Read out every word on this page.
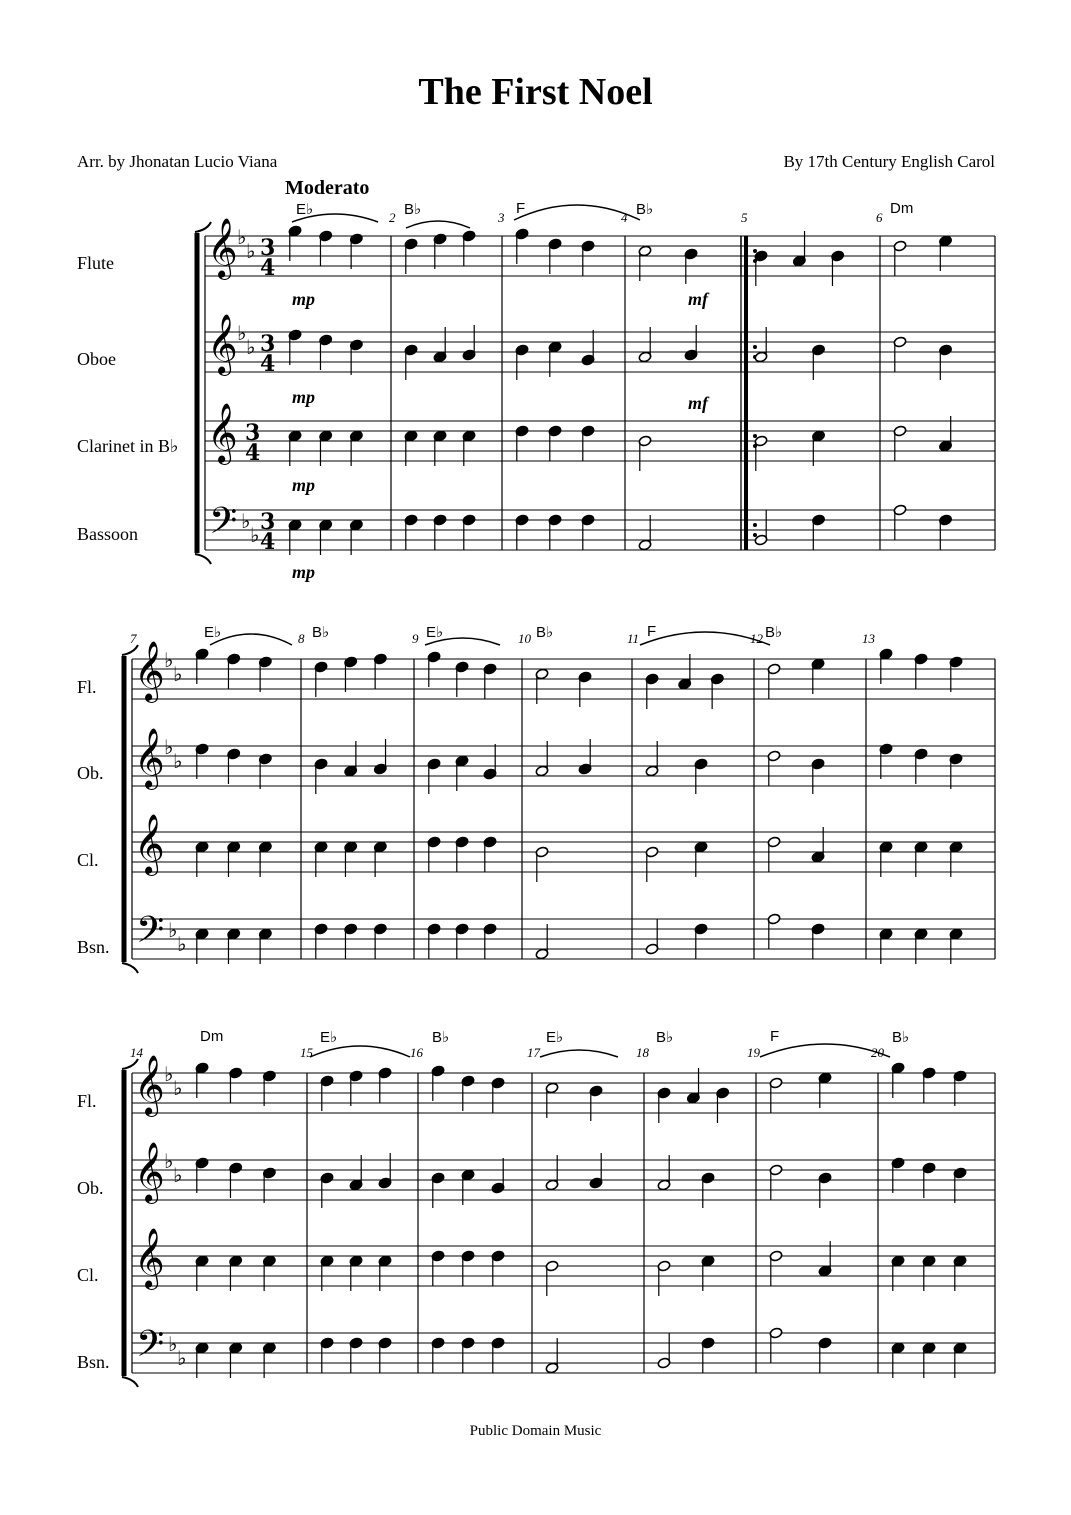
The First Noel
Arr. by Jhonatan Lucio Viana	By 17th Century English Carol
Moderato
Flute
Oboe
Clarinet in B♭
Bassoon
Fl.
Ob.
Cl.
Bsn.
Fl.
Ob.
Cl.
Bsn.
E♭	B♭	F	B♭	Dm
2	3	4	5	6
mp	mf
mp	mf
mp
mp
E♭	B♭	E♭	B♭	F	B♭
7	8	9	10	11	12	13
Dm	E♭	B♭	E♭	B♭	F	B♭
14	15	16	17	18	19	20
Public Domain Music
𝄞 ♭
♭ 3
4
𝄞 ♭
♭ 3
4
𝄞 3
4
𝄢 ♭
♭ 3
4
𝄞 ♭
♭
𝄞 ♭
♭
𝄞
𝄢 ♭
♭
𝄞 ♭
♭
𝄞 ♭
♭
𝄞
𝄢 ♭
♭
